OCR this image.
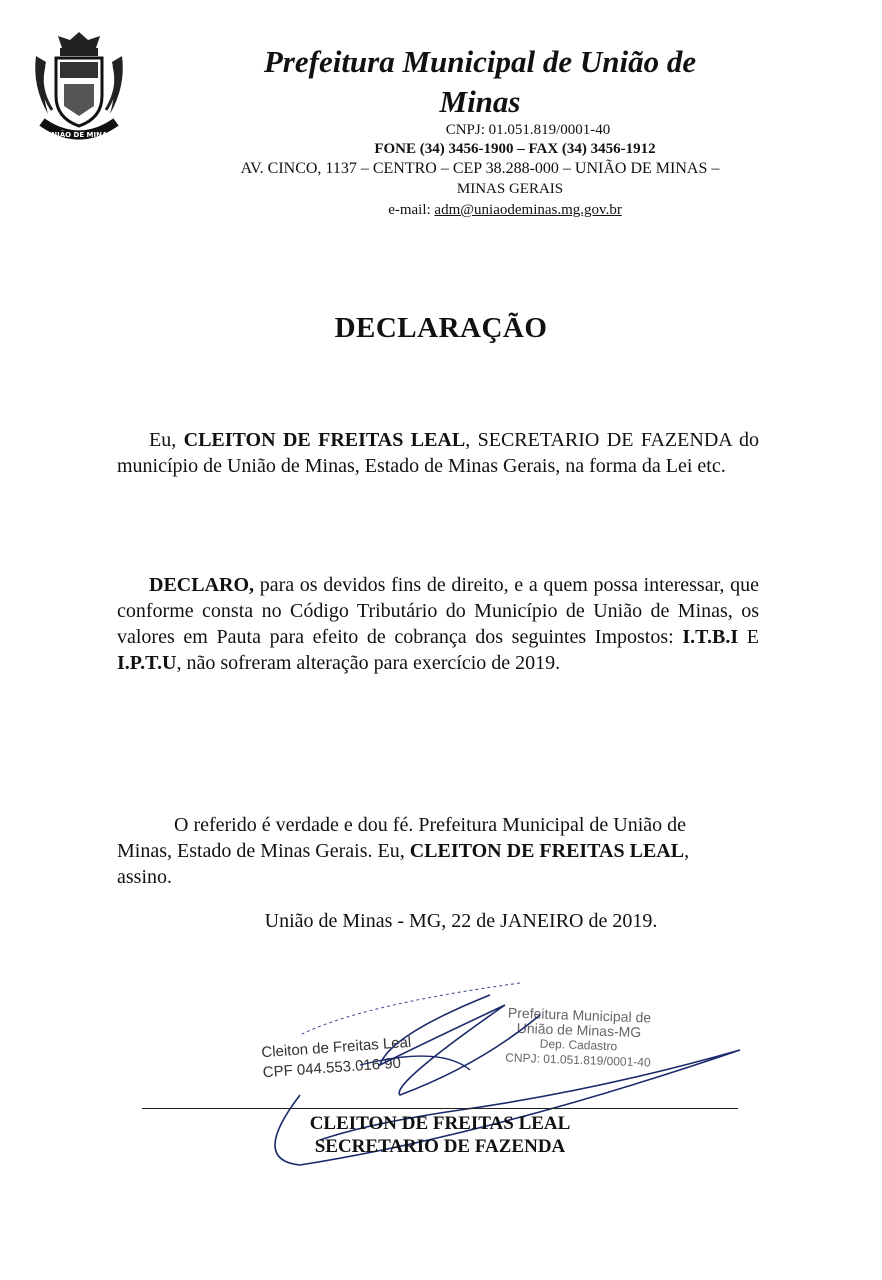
UNIÃO DE MINAS
Prefeitura Municipal de União de
Minas
CNPJ: 01.051.819/0001-40
FONE (34) 3456-1900 – FAX (34) 3456-1912
AV. CINCO, 1137 – CENTRO – CEP 38.288-000 – UNIÃO DE MINAS –
MINAS GERAIS
e-mail: adm@uniaodeminas.mg.gov.br
DECLARAÇÃO
Eu, CLEITON DE FREITAS LEAL, SECRETARIO DE FAZENDA do município de União de Minas, Estado de Minas Gerais, na forma da Lei etc.
DECLARO, para os devidos fins de direito, e a quem possa interessar, que conforme consta no Código Tributário do Município de União de Minas, os valores em Pauta para efeito de cobrança dos seguintes Impostos: I.T.B.I E I.P.T.U, não sofreram alteração para exercício de 2019.
O referido é verdade e dou fé. Prefeitura Municipal de União de Minas, Estado de Minas Gerais. Eu, CLEITON DE FREITAS LEAL, assino.
União de Minas - MG, 22 de JANEIRO de 2019.
Cleiton de Freitas Leal
CPF 044.553.016 90
Prefeitura Municipal de
União de Minas-MG
Dep. Cadastro
CNPJ: 01.051.819/0001-40
CLEITON DE FREITAS LEAL
SECRETARIO DE FAZENDA
